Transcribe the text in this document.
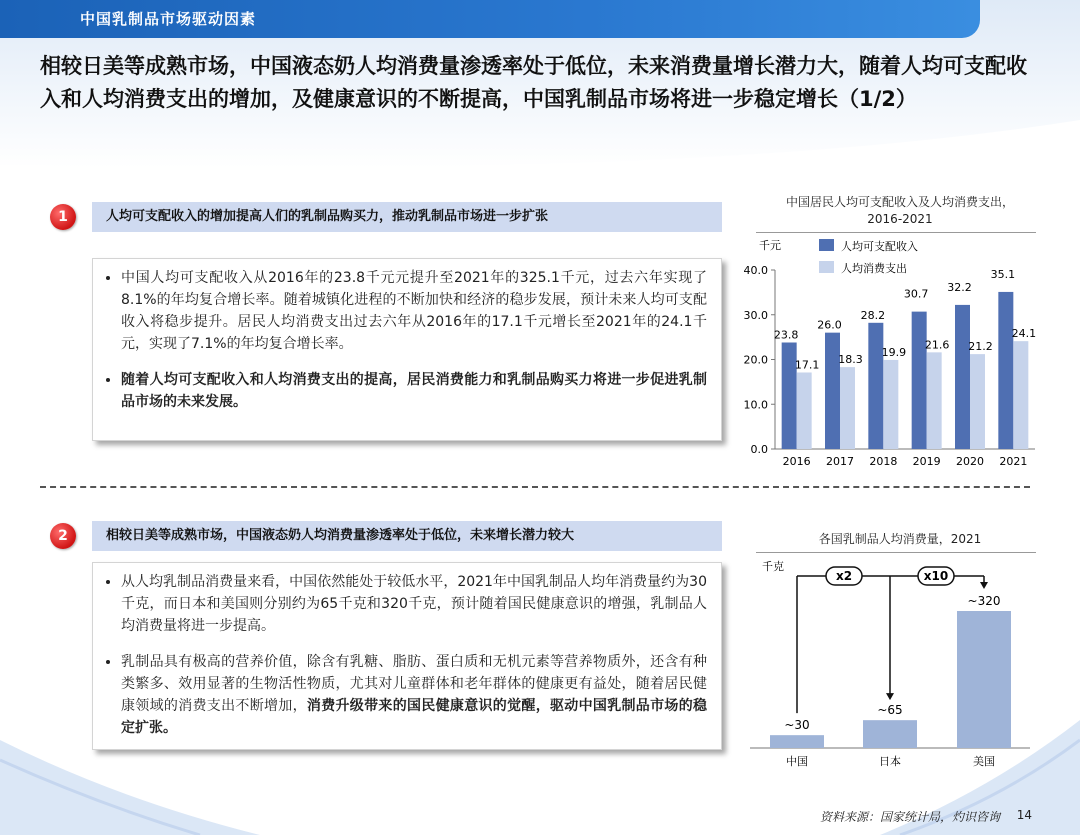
中国乳制品市场驱动因素
相较日美等成熟市场，中国液态奶人均消费量渗透率处于低位，未来消费量增长潜力大，随着人均可支配收入和人均消费支出的增加，及健康意识的不断提高，中国乳制品市场将进一步稳定增长（1/2）
1	人均可支配收入的增加提高人们的乳制品购买力，推动乳制品市场进一步扩张
• 中国人均可支配收入从2016年的23.8千元元提升至2021年的325.1千元，过去六年实现了8.1%的年均复合增长率。随着城镇化进程的不断加快和经济的稳步发展，预计未来人均可支配收入将稳步提升。居民人均消费支出过去六年从2016年的17.1千元增长至2021年的24.1千元，实现了7.1%的年均复合增长率。
• 随着人均可支配收入和人均消费支出的提高，居民消费能力和乳制品购买力将进一步促进乳制品市场的未来发展。
中国居民人均可支配收入及人均消费支出，
2016-2021
千元	人均可支配收入
人均消费支出
0.0
10.0
20.0
30.0
40.0
23.8
17.1
2016
26.0
18.3
2017
28.2
19.9
2018
30.7
21.6
2019
32.2
21.2
2020
35.1
24.1
2021
2	相较日美等成熟市场，中国液态奶人均消费量渗透率处于低位，未来增长潜力较大
• 从人均乳制品消费量来看，中国依然能处于较低水平，2021年中国乳制品人均年消费量约为30千克，而日本和美国则分别约为65千克和320千克，预计随着国民健康意识的增强，乳制品人均消费量将进一步提高。
• 乳制品具有极高的营养价值，除含有乳糖、脂肪、蛋白质和无机元素等营养物质外，还含有种类繁多、效用显著的生物活性物质，尤其对儿童群体和老年群体的健康更有益处，随着居民健康领域的消费支出不断增加，消费升级带来的国民健康意识的觉醒，驱动中国乳制品市场的稳定扩张。
各国乳制品人均消费量，2021
千克
~30
中国
~65
日本
~320
美国
x2	x10
资料来源：国家统计局，灼识咨询 14
